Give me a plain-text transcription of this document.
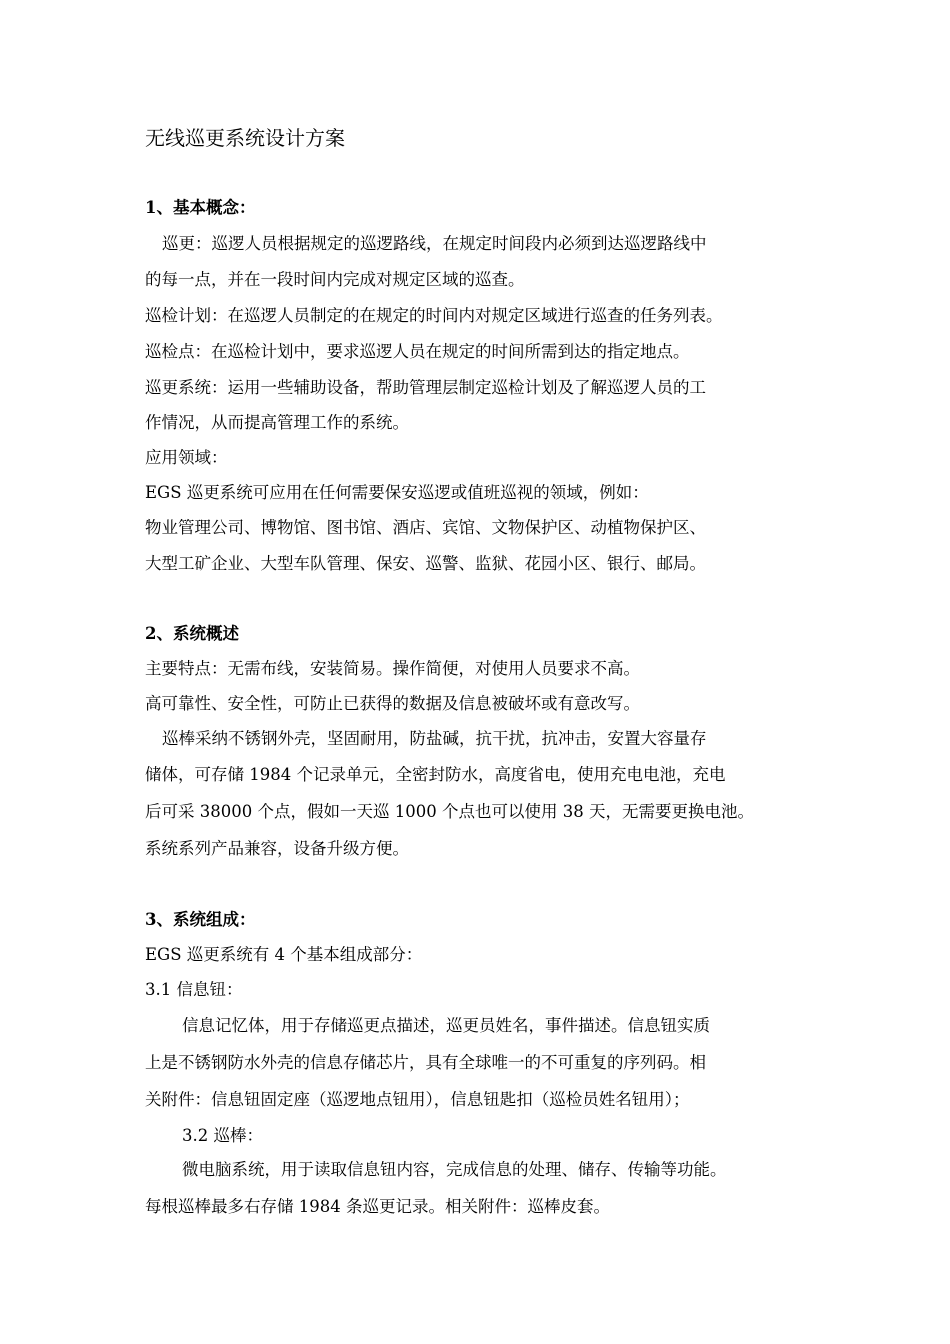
无线巡更系统设计方案

1、基本概念：

巡更：巡逻人员根据规定的巡逻路线，在规定时间段内必须到达巡逻路线中

的每一点，并在一段时间内完成对规定区域的巡查。

巡检计划：在巡逻人员制定的在规定的时间内对规定区域进行巡查的任务列表。

巡检点：在巡检计划中，要求巡逻人员在规定的时间所需到达的指定地点。

巡更系统：运用一些辅助设备，帮助管理层制定巡检计划及了解巡逻人员的工

作情况，从而提高管理工作的系统。

应用领域：

EGS 巡更系统可应用在任何需要保安巡逻或值班巡视的领域，例如：

物业管理公司、博物馆、图书馆、酒店、宾馆、文物保护区、动植物保护区、

大型工矿企业、大型车队管理、保安、巡警、监狱、花园小区、银行、邮局。

2、系统概述

主要特点：无需布线，安装简易。操作简便，对使用人员要求不高。

高可靠性、安全性，可防止已获得的数据及信息被破坏或有意改写。

巡棒采纳不锈钢外壳，坚固耐用，防盐碱，抗干扰，抗冲击，安置大容量存

储体，可存储 1984 个记录单元，全密封防水，高度省电，使用充电电池，充电

后可采 38000 个点，假如一天巡 1000 个点也可以使用 38 天，无需要更换电池。

系统系列产品兼容，设备升级方便。

3、系统组成：

EGS 巡更系统有 4 个基本组成部分：

3.1 信息钮：

信息记忆体，用于存储巡更点描述，巡更员姓名，事件描述。信息钮实质

上是不锈钢防水外壳的信息存储芯片，具有全球唯一的不可重复的序列码。相

关附件：信息钮固定座（巡逻地点钮用），信息钮匙扣（巡检员姓名钮用）；

3.2 巡棒：

微电脑系统，用于读取信息钮内容，完成信息的处理、储存、传输等功能。

每根巡棒最多右存储 1984 条巡更记录。相关附件：巡棒皮套。
